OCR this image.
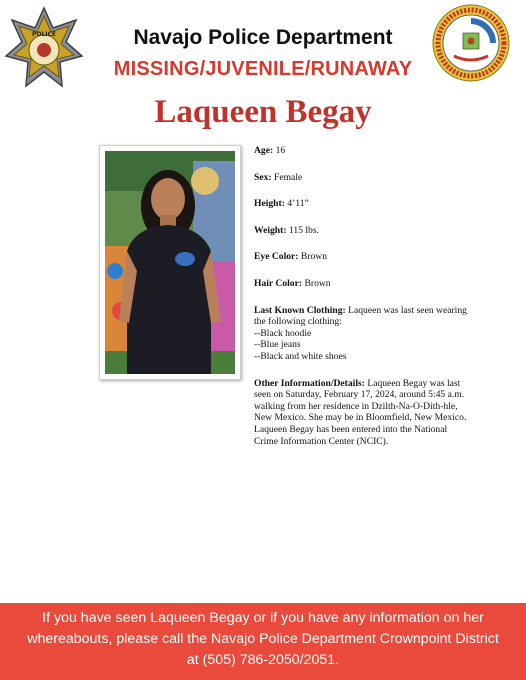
POLICE	Navajo Police Department
MISSING/JUVENILE/RUNAWAY
Laqueen Begay

Age: 16

Sex: Female

Height: 4’11”

Weight: 115 lbs.

Eye Color: Brown

Hair Color: Brown

Last Known Clothing: Laqueen was last seen wearing the following clothing:
--Black hoodie
--Blue jeans
--Black and white shoes
Other Information/Details: Laqueen Begay was last seen on Saturday, February 17, 2024, around 5:45 a.m. walking from her residence in Dzilth-Na-O-Dith-hle, New Mexico. She may be in Bloomfield, New Mexico. Laqueen Begay has been entered into the National Crime Information Center (NCIC).
If you have seen Laqueen Begay or if you have any information on her
whereabouts, please call the Navajo Police Department Crownpoint District
at (505) 786-2050/2051.
